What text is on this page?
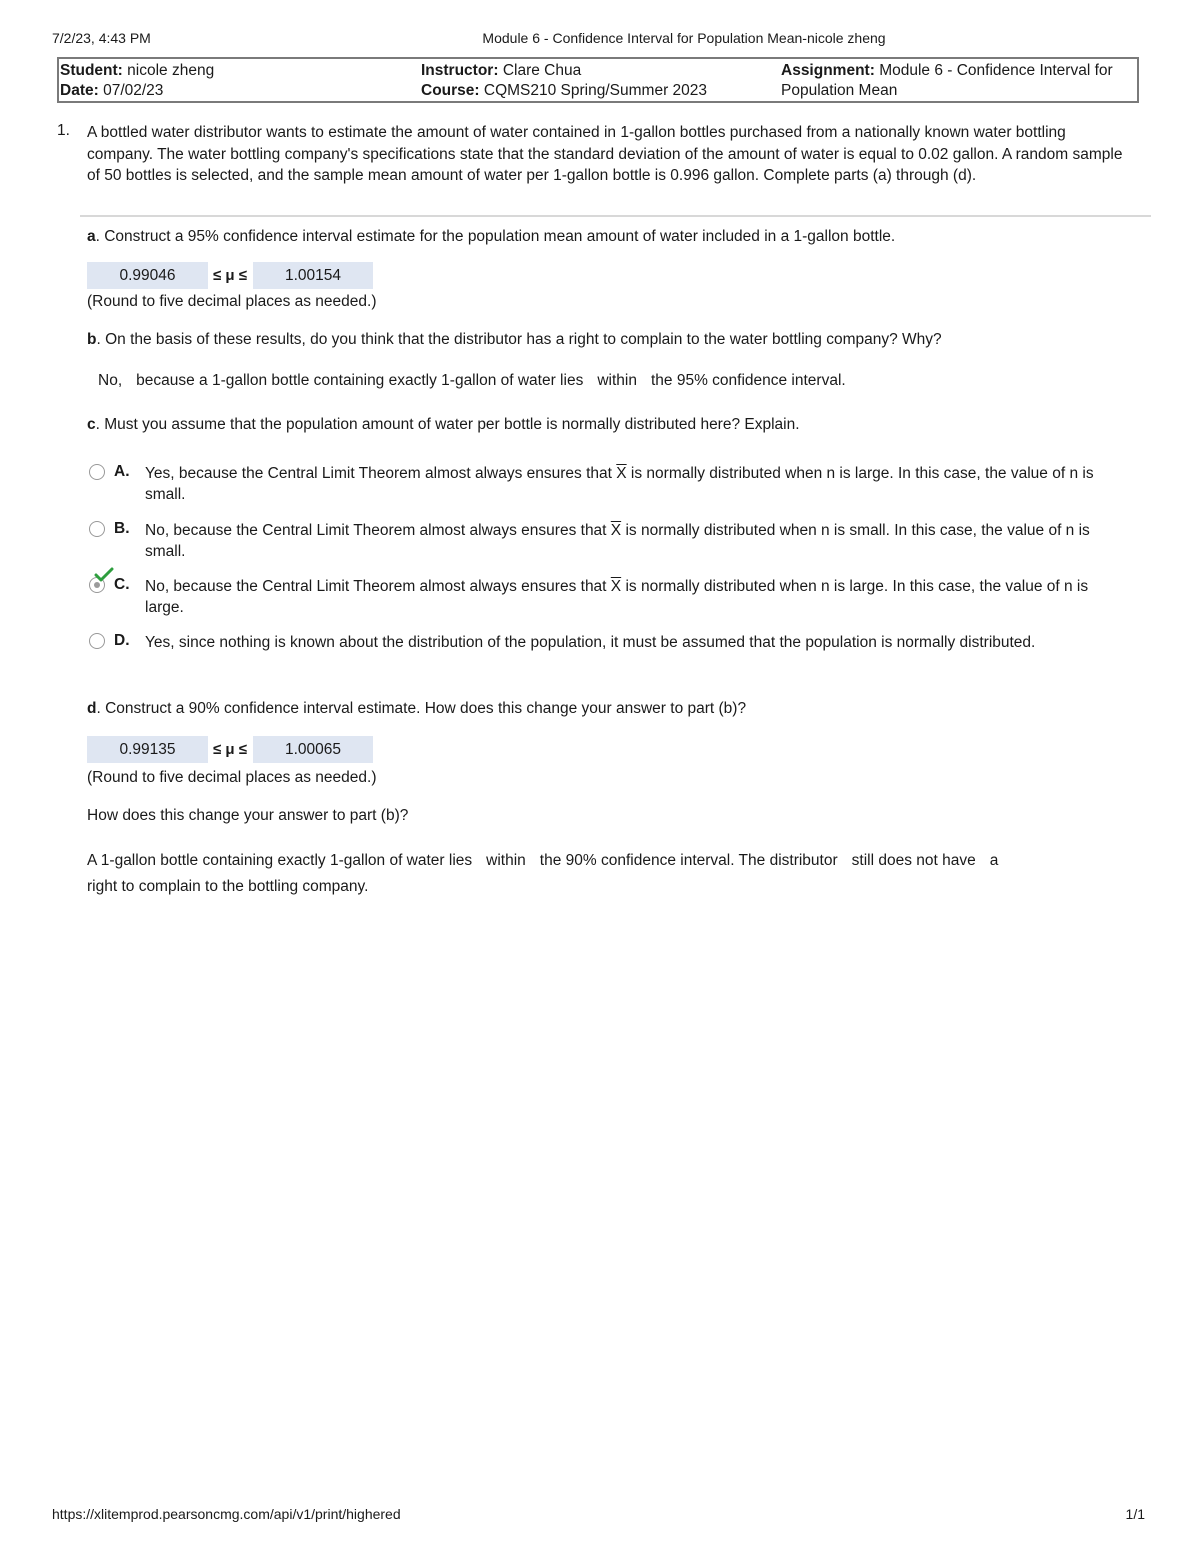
7/2/23, 4:43 PM	Module 6 - Confidence Interval for Population Mean-nicole zheng
Student: nicole zheng
Date: 07/02/23
Instructor: Clare Chua
Course: CQMS210 Spring/Summer 2023
Assignment: Module 6 - Confidence Interval for Population Mean
1. A bottled water distributor wants to estimate the amount of water contained in 1-gallon bottles purchased from a nationally known water bottling company. The water bottling company's specifications state that the standard deviation of the amount of water is equal to 0.02 gallon. A random sample of 50 bottles is selected, and the sample mean amount of water per 1-gallon bottle is 0.996 gallon. Complete parts (a) through (d).
a. Construct a 95% confidence interval estimate for the population mean amount of water included in a 1-gallon bottle.
0.99046	≤ μ ≤	1.00154
(Round to five decimal places as needed.)
b. On the basis of these results, do you think that the distributor has a right to complain to the water bottling company? Why?
No, because a 1-gallon bottle containing exactly 1-gallon of water lies within the 95% confidence interval.
c. Must you assume that the population amount of water per bottle is normally distributed here? Explain.
A. Yes, because the Central Limit Theorem almost always ensures that $\overline{X}$ is normally distributed when n is large. In this case, the value of n is small.
B. No, because the Central Limit Theorem almost always ensures that $\overline{X}$ is normally distributed when n is small. In this case, the value of n is small.
C. No, because the Central Limit Theorem almost always ensures that $\overline{X}$ is normally distributed when n is large. In this case, the value of n is large.
D. Yes, since nothing is known about the distribution of the population, it must be assumed that the population is normally distributed.
d. Construct a 90% confidence interval estimate. How does this change your answer to part (b)?
0.99135	≤ μ ≤	1.00065
(Round to five decimal places as needed.)
How does this change your answer to part (b)?
A 1-gallon bottle containing exactly 1-gallon of water lies within the 90% confidence interval. The distributor still does not have a
right to complain to the bottling company.
https://xlitemprod.pearsoncmg.com/api/v1/print/highered	1/1
